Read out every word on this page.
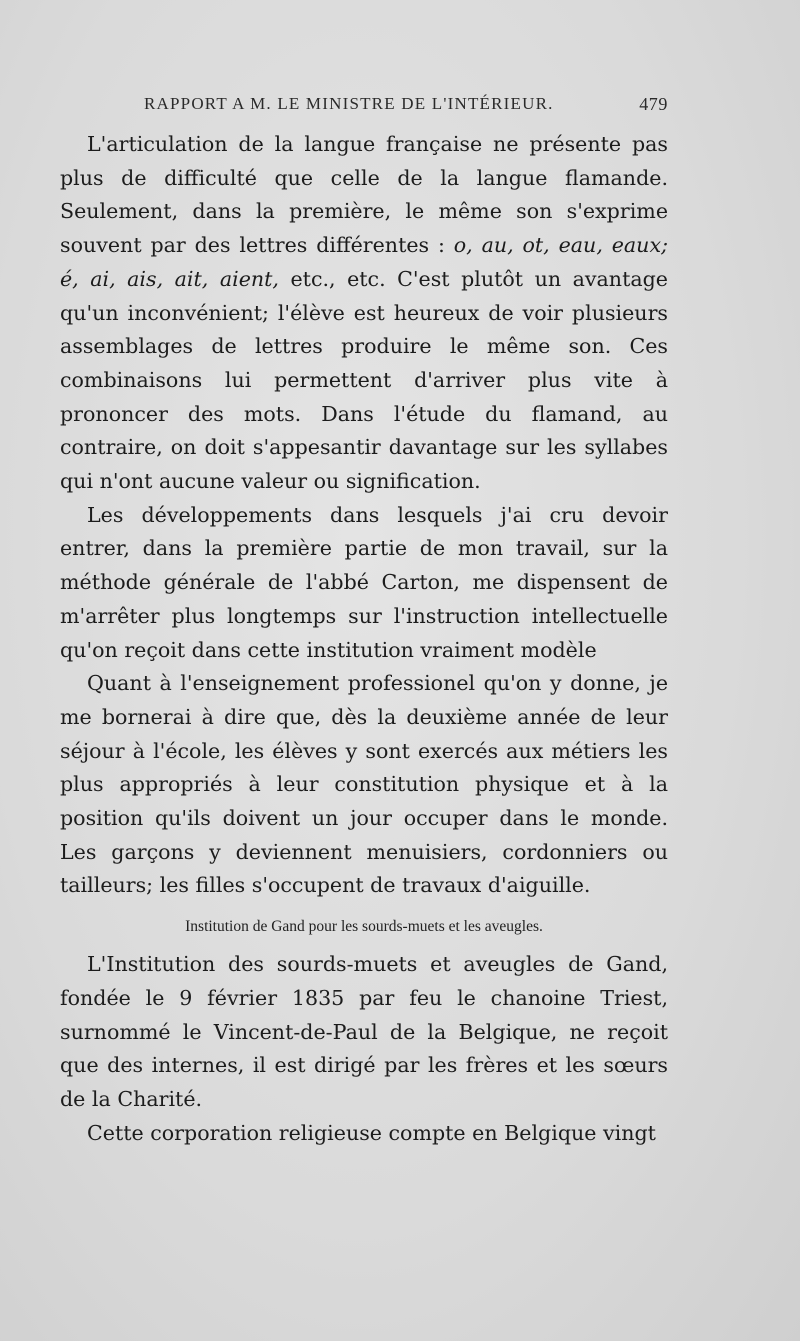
RAPPORT A M. LE MINISTRE DE L'INTÉRIEUR.	479

L'articulation de la langue française ne présente pas plus de difficulté que celle de la langue flamande. Seulement, dans la première, le même son s'exprime souvent par des lettres différentes : o, au, ot, eau, eaux; é, ai, ais, ait, aient, etc., etc. C'est plutôt un avantage qu'un inconvénient; l'élève est heureux de voir plusieurs assemblages de lettres produire le même son. Ces combinaisons lui permettent d'arriver plus vite à prononcer des mots. Dans l'étude du flamand, au contraire, on doit s'appesantir davantage sur les syllabes qui n'ont aucune valeur ou signification.

Les développements dans lesquels j'ai cru devoir entrer, dans la première partie de mon travail, sur la méthode générale de l'abbé Carton, me dispensent de m'arrêter plus longtemps sur l'instruction intellectuelle qu'on reçoit dans cette institution vraiment modèle

Quant à l'enseignement professionel qu'on y donne, je me bornerai à dire que, dès la deuxième année de leur séjour à l'école, les élèves y sont exercés aux métiers les plus appropriés à leur constitution physique et à la position qu'ils doivent un jour occuper dans le monde. Les garçons y deviennent menuisiers, cordonniers ou tailleurs; les filles s'occupent de travaux d'aiguille.

Institution de Gand pour les sourds-muets et les aveugles.

L'Institution des sourds-muets et aveugles de Gand, fondée le 9 février 1835 par feu le chanoine Triest, surnommé le Vincent-de-Paul de la Belgique, ne reçoit que des internes, il est dirigé par les frères et les sœurs de la Charité.

Cette corporation religieuse compte en Belgique vingt
